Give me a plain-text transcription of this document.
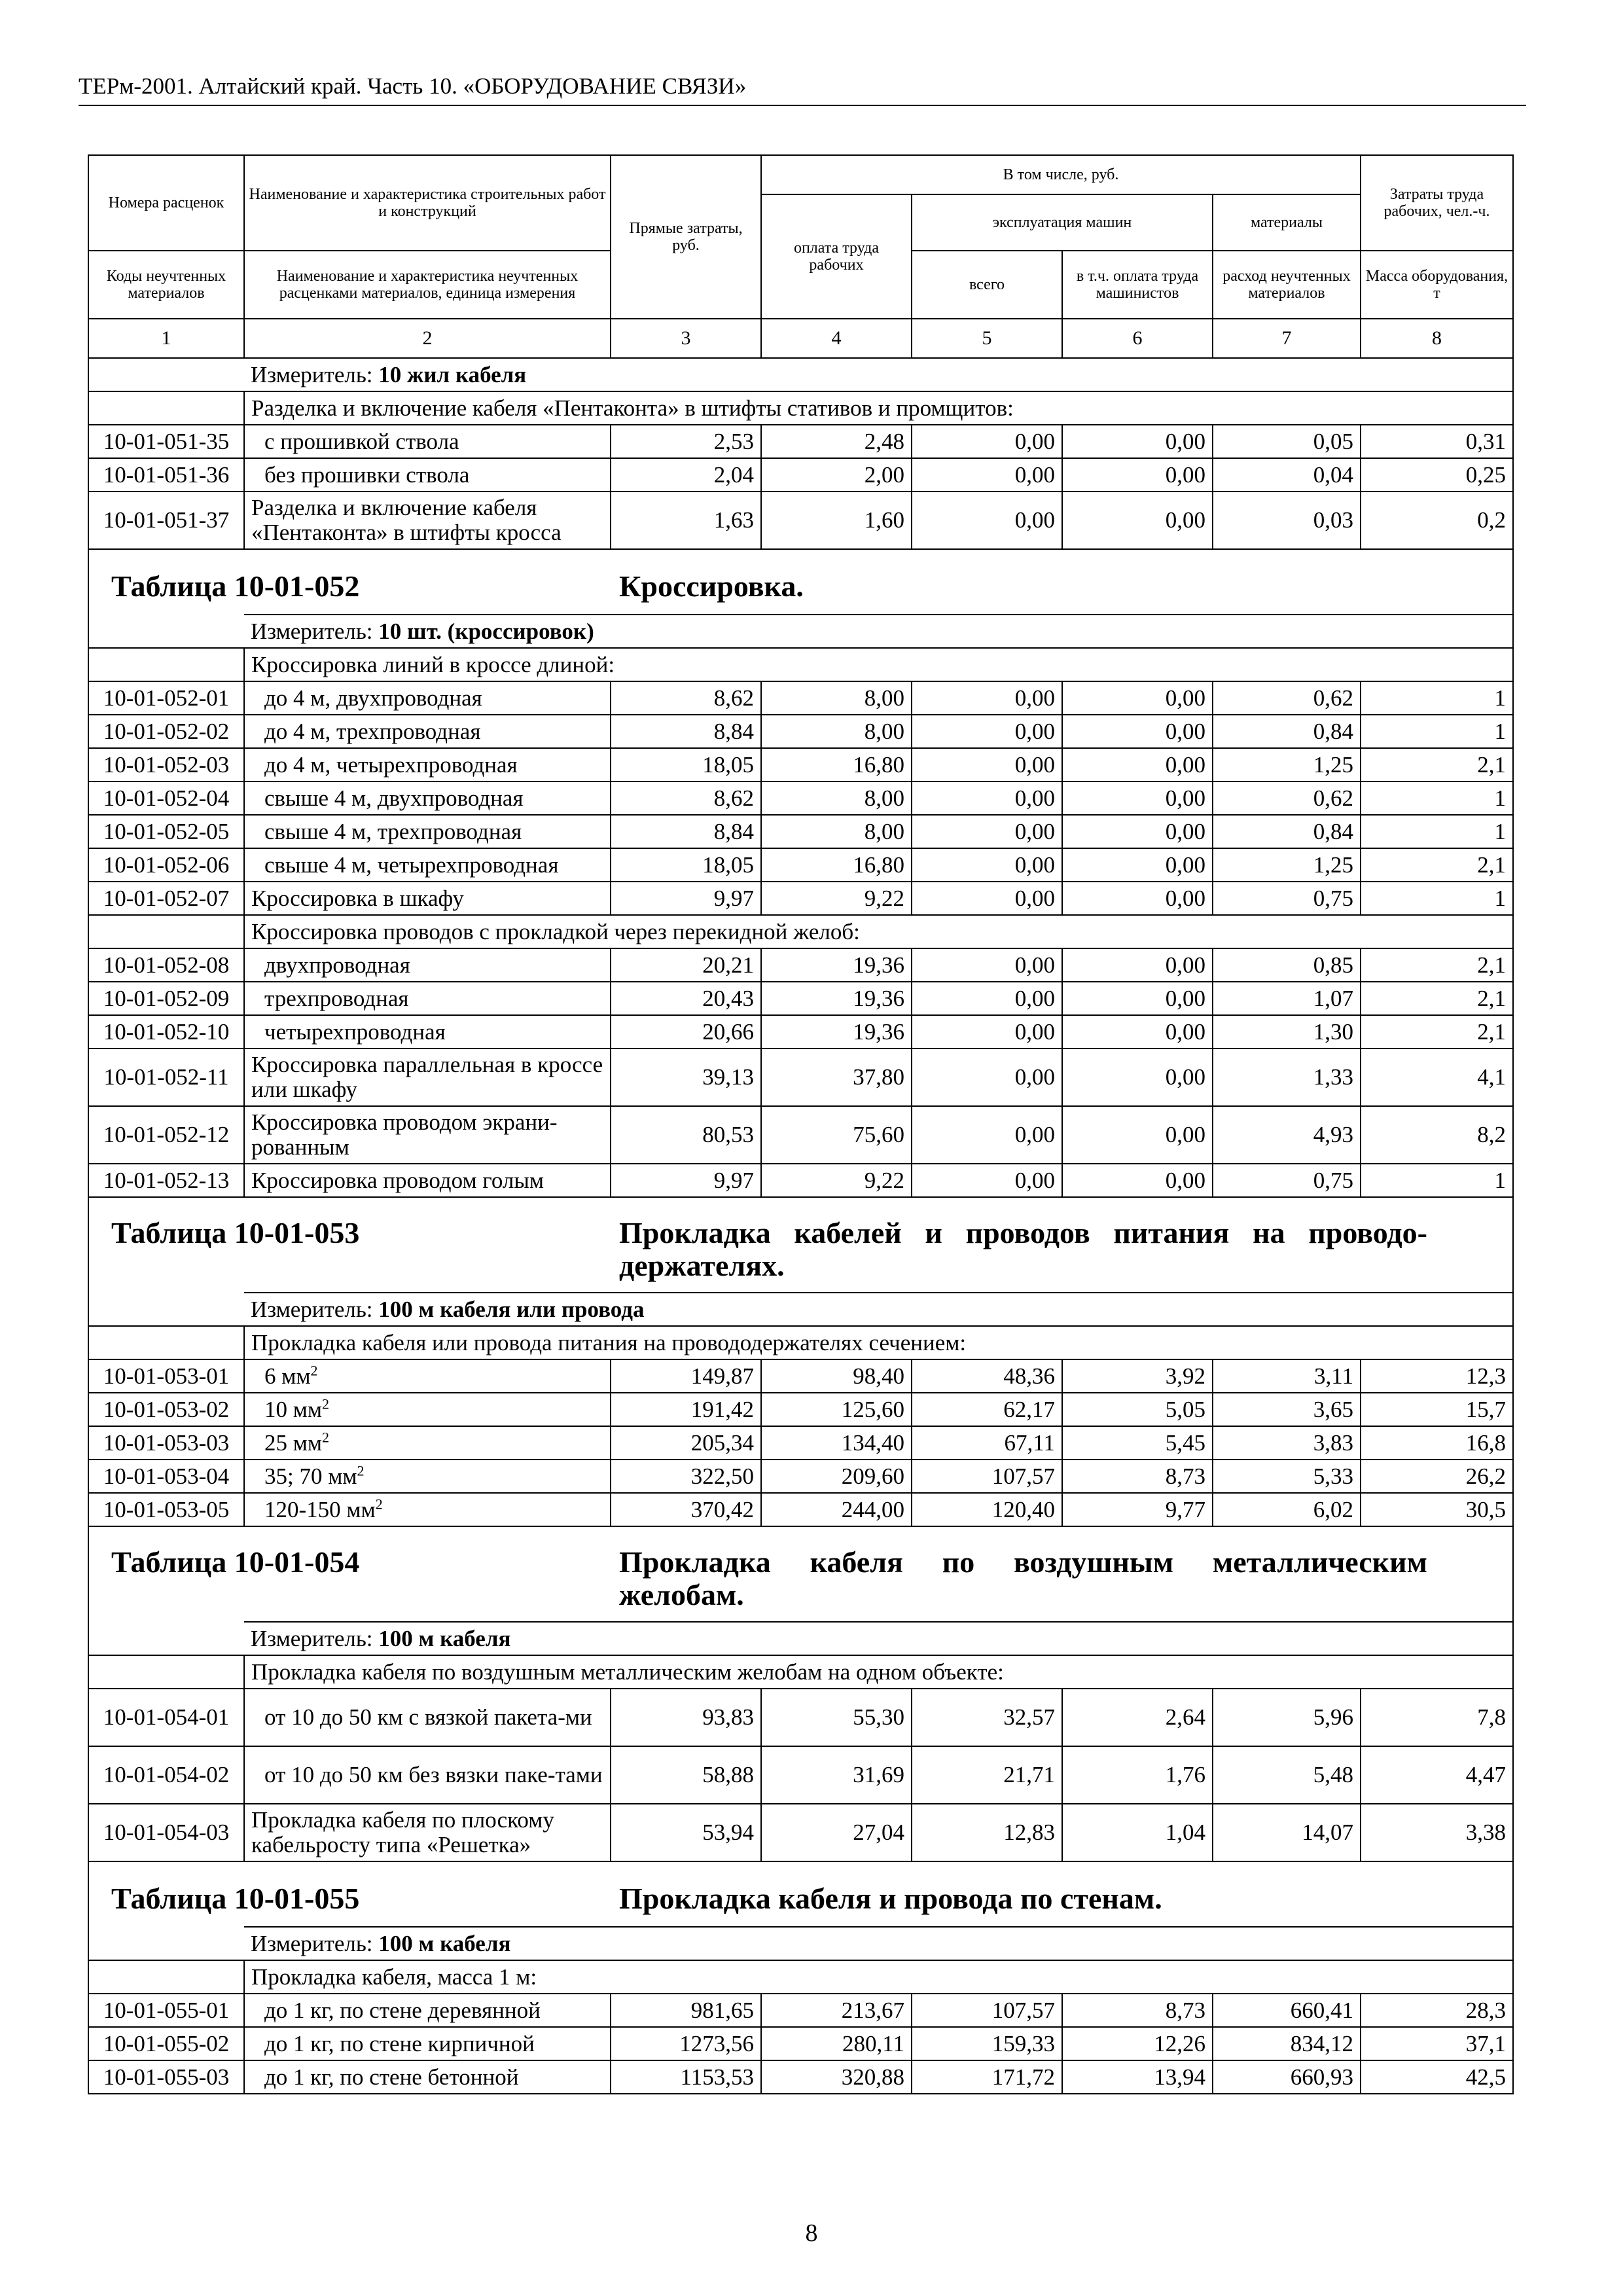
ТЕРм-2001. Алтайский край. Часть 10. «ОБОРУДОВАНИЕ СВЯЗИ»
Номера расценок	Наименование и характеристика строительных работ и конструкций	Прямые затраты, руб.	В том числе, руб.				Затраты труда рабочих, чел.-ч.
			оплата труда рабочих	эксплуатация машин		материалы	
Коды неучтенных материалов	Наименование и характеристика неучтенных расценками материалов, единица измерения			всего	в т.ч. оплата труда машинистов	расход неучтенных материалов	Масса оборудования, т
1	2	3	4	5	6	7	8
	Измеритель: 10 жил кабеля						
	Разделка и включение кабеля «Пентаконта» в штифты стативов и промщитов:						
10-01-051-35	с прошивкой ствола	2,53	2,48	0,00	0,00	0,05	0,31
10-01-051-36	без прошивки ствола	2,04	2,00	0,00	0,00	0,04	0,25
10-01-051-37	Разделка и включение кабеля «Пентаконта» в штифты кросса	1,63	1,60	0,00	0,00	0,03	0,2

Таблица 10-01-052 Кроссировка.							

	Измеритель: 10 шт. (кроссировок)						
	Кроссировка линий в кроссе длиной:						
10-01-052-01	до 4 м, двухпроводная	8,62	8,00	0,00	0,00	0,62	1
10-01-052-02	до 4 м, трехпроводная	8,84	8,00	0,00	0,00	0,84	1
10-01-052-03	до 4 м, четырехпроводная	18,05	16,80	0,00	0,00	1,25	2,1
10-01-052-04	свыше 4 м, двухпроводная	8,62	8,00	0,00	0,00	0,62	1
10-01-052-05	свыше 4 м, трехпроводная	8,84	8,00	0,00	0,00	0,84	1
10-01-052-06	свыше 4 м, четырехпроводная	18,05	16,80	0,00	0,00	1,25	2,1
10-01-052-07	Кроссировка в шкафу	9,97	9,22	0,00	0,00	0,75	1
	Кроссировка проводов с прокладкой через перекидной желоб:						
10-01-052-08	двухпроводная	20,21	19,36	0,00	0,00	0,85	2,1
10-01-052-09	трехпроводная	20,43	19,36	0,00	0,00	1,07	2,1
10-01-052-10	четырехпроводная	20,66	19,36	0,00	0,00	1,30	2,1
10-01-052-11	Кроссировка параллельная в кроссе или шкафу	39,13	37,80	0,00	0,00	1,33	4,1
10-01-052-12	Кроссировка проводом экрани-рованным	80,53	75,60	0,00	0,00	4,93	8,2
10-01-052-13	Кроссировка проводом голым	9,97	9,22	0,00	0,00	0,75	1

Таблица 10-01-053 Прокладка кабелей и проводов питания на проводо-держателях.							

	Измеритель: 100 м кабеля или провода						
	Прокладка кабеля или провода питания на провододержателях сечением:						
10-01-053-01	6 $мм^2$	149,87	98,40	48,36	3,92	3,11	12,3
10-01-053-02	10 $мм^2$	191,42	125,60	62,17	5,05	3,65	15,7
10-01-053-03	25 $мм^2$	205,34	134,40	67,11	5,45	3,83	16,8
10-01-053-04	35; 70 $мм^2$	322,50	209,60	107,57	8,73	5,33	26,2
10-01-053-05	120-150 $мм^2$	370,42	244,00	120,40	9,77	6,02	30,5

Таблица 10-01-054 Прокладка кабеля по воздушным металлическим желобам.							

	Измеритель: 100 м кабеля						
	Прокладка кабеля по воздушным металлическим желобам на одном объекте:						
10-01-054-01	от 10 до 50 км с вязкой пакета-ми	93,83	55,30	32,57	2,64	5,96	7,8
10-01-054-02	от 10 до 50 км без вязки паке-тами	58,88	31,69	21,71	1,76	5,48	4,47
10-01-054-03	Прокладка кабеля по плоскому кабельросту типа «Решетка»	53,94	27,04	12,83	1,04	14,07	3,38

Таблица 10-01-055 Прокладка кабеля и провода по стенам.							

	Измеритель: 100 м кабеля						
	Прокладка кабеля, масса 1 м:						
10-01-055-01	до 1 кг, по стене деревянной	981,65	213,67	107,57	8,73	660,41	28,3
10-01-055-02	до 1 кг, по стене кирпичной	1273,56	280,11	159,33	12,26	834,12	37,1
10-01-055-03	до 1 кг, по стене бетонной	1153,53	320,88	171,72	13,94	660,93	42,5
8
